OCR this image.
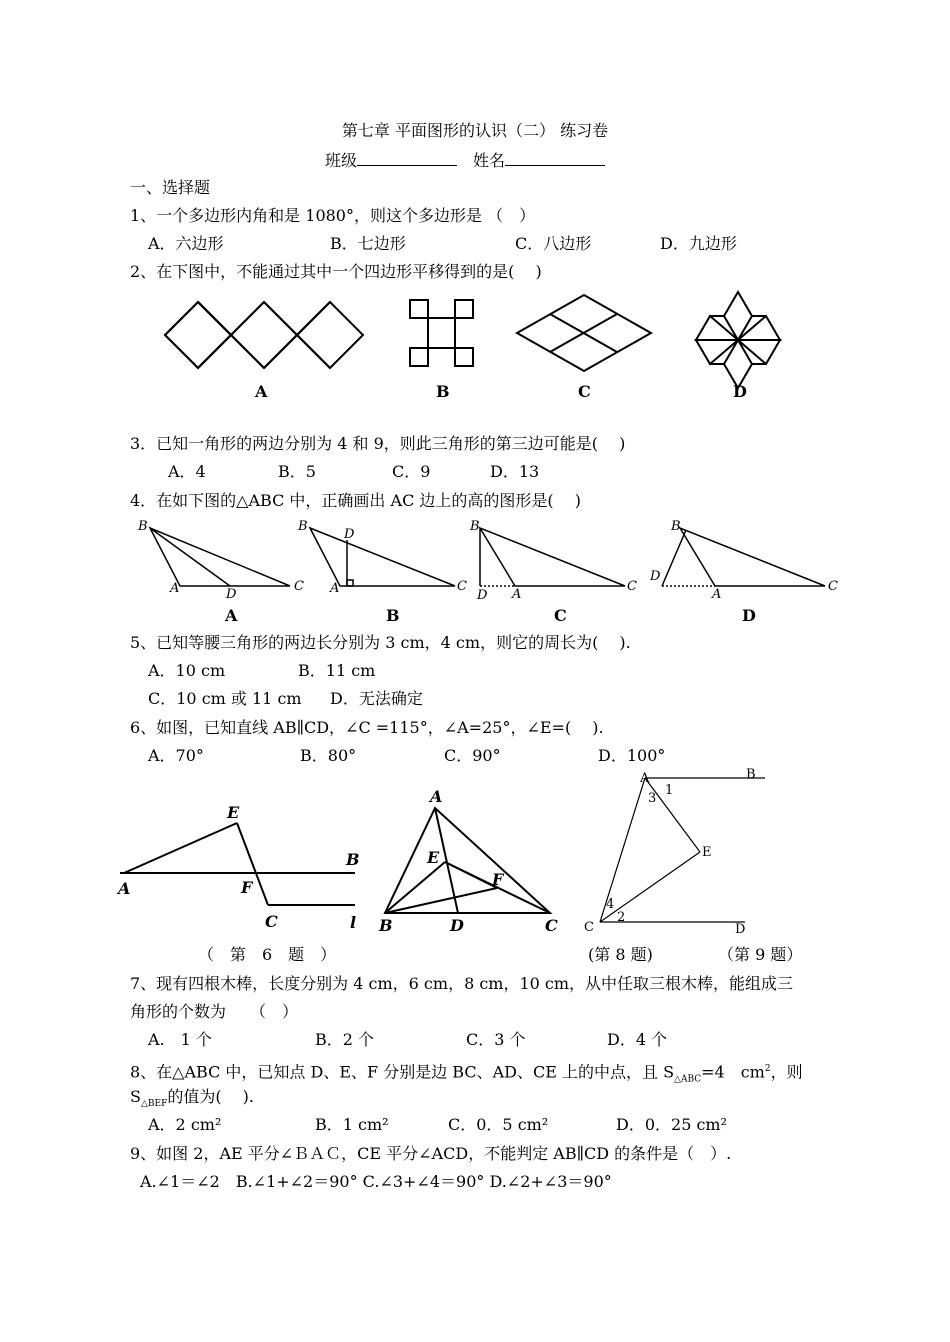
第七章 平面图形的认识（二） 练习卷
班级　	姓名
一、选择题
1、一个多边形内角和是 1080°，则这个多边形是 （　）
A．六边形	B．七边形	C．八边形	D．九边形
2、在下图中，不能通过其中一个四边形平移得到的是(　 )
A	B	C	D
3．已知一角形的两边分别为 4 和 9，则此三角形的第三边可能是(　 )
A．4	B．5	C．9	D．13
4．在如下图的△ABC 中，正确画出 AC 边上的高的图形是(　 )
B
A	D
C
B
D
A	C
B
D A
C
B
D
A
C
A	B	C	D
5、已知等腰三角形的两边长分别为 3 cm，4 cm，则它的周长为(　 ).
A．10 cm	B．11 cm
C．10 cm 或 11 cm D．无法确定
6、如图，已知直线 AB∥CD，∠C =115°，∠A=25°，∠E=(　 ).
A．70°	B．80°	C．90°	D．100°
A
E
F
C
B
l
A
B	C
D
E
F
A	B
C	D
E
1
3
4
2
（　第　6　题　）	(第 8 题)	（第 9 题）
7、现有四根木棒，长度分别为 4 cm，6 cm，8 cm，10 cm，从中任取三根木棒，能组成三
角形的个数为　　（　）
A.　1 个	B．2 个	C．3 个	D．4 个
8、在△ABC 中，已知点 D、E、F 分别是边 BC、AD、CE 上的中点，且 $S_{\triangle ABC}=4$　$cm^2$，则
$S_{\triangle BEF}$的值为(　 ).
A．2 cm²	B．1 cm²	C．0．5 cm²	D．0．25 cm²
9、如图 2，AE 平分∠ＢＡＣ，CE 平分∠ACD，不能判定 AB∥CD 的条件是（　）.
A.∠1＝∠2　B.∠1+∠2＝90° C.∠3+∠4＝90° D.∠2+∠3＝90°
